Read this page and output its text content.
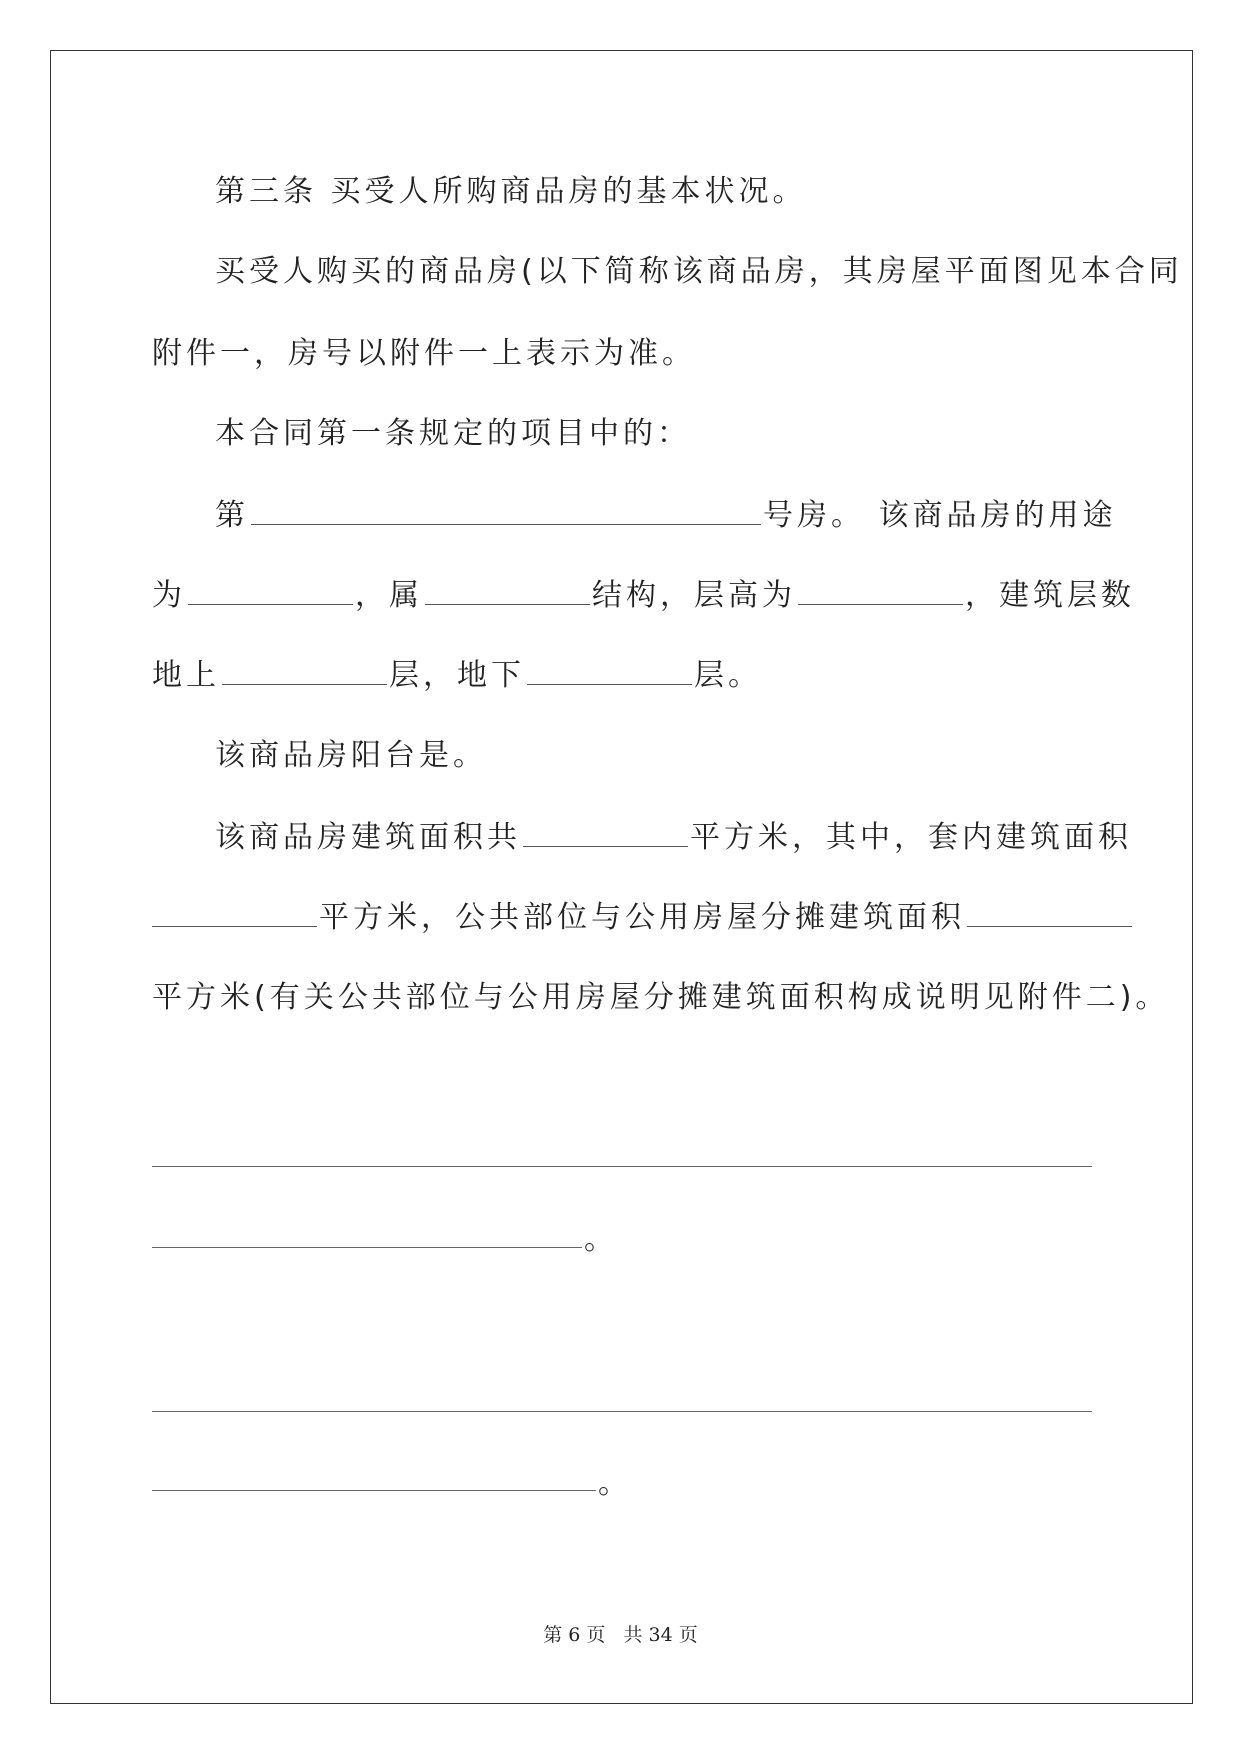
第三条 买受人所购商品房的基本状况。
买受人购买的商品房(以下简称该商品房，其房屋平面图见本合同
附件一，房号以附件一上表示为准。
本合同第一条规定的项目中的：
第	号房。 该商品房的用途
为	，属	结构，层高为	，建筑层数
地上	层，地下	层。
该商品房阳台是。
该商品房建筑面积共	平方米，其中，套内建筑面积
平方米，公共部位与公用房屋分摊建筑面积
平方米(有关公共部位与公用房屋分摊建筑面积构成说明见附件二)。
。
。
第 6 页 共 34 页
